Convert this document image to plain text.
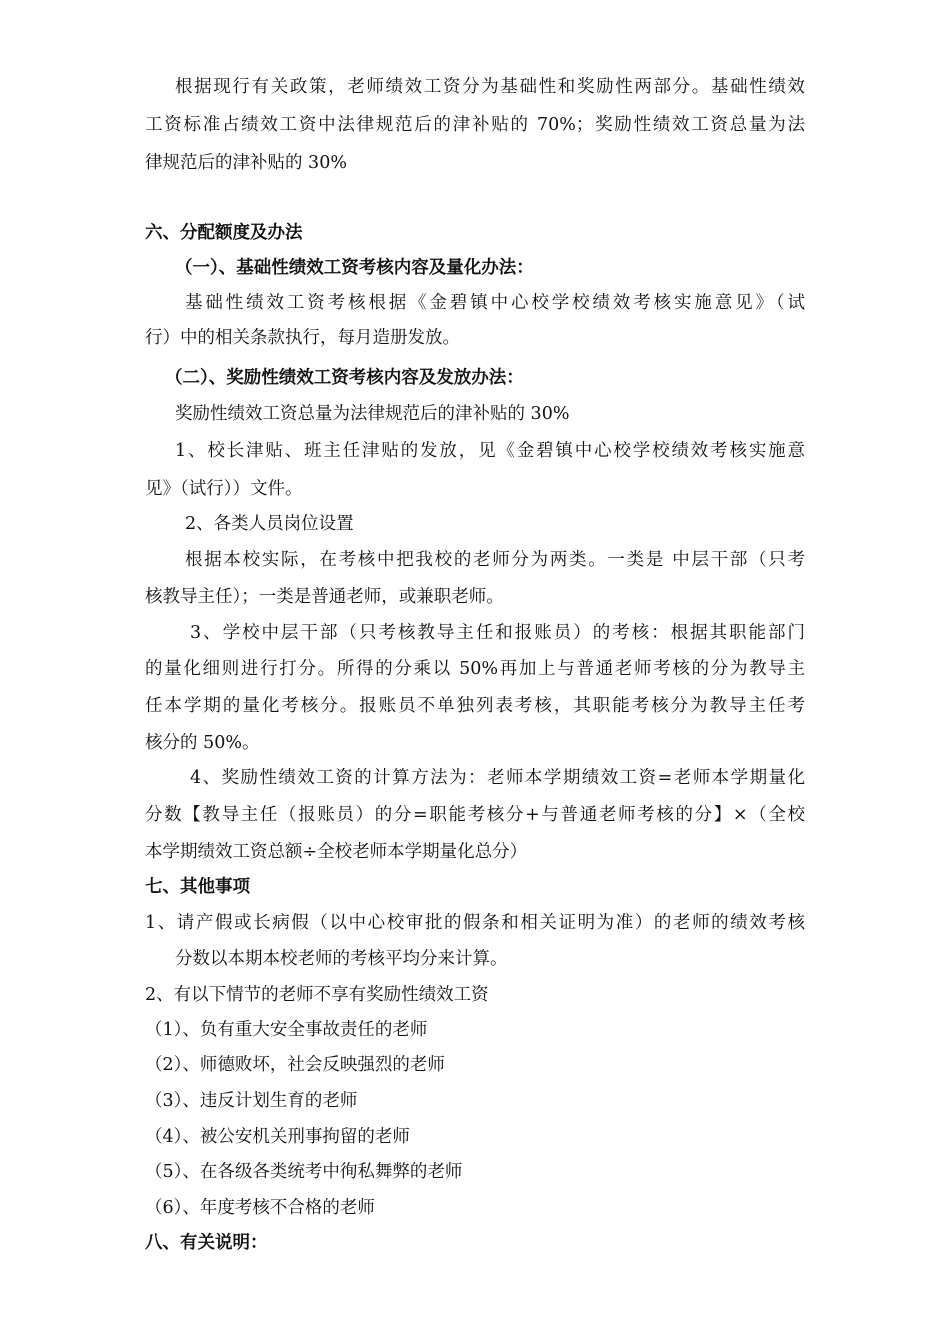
根据现行有关政策，老师绩效工资分为基础性和奖励性两部分。基础性绩效
工资标准占绩效工资中法律规范后的津补贴的 70%；奖励性绩效工资总量为法
律规范后的津补贴的 30%
六、分配额度及办法
（一）、基础性绩效工资考核内容及量化办法：
基础性绩效工资考核根据《金碧镇中心校学校绩效考核实施意见》（试
行）中的相关条款执行，每月造册发放。
（二）、奖励性绩效工资考核内容及发放办法：
奖励性绩效工资总量为法律规范后的津补贴的 30%
1、校长津贴、班主任津贴的发放，见《金碧镇中心校学校绩效考核实施意
见》（试行））文件。
2、各类人员岗位设置
根据本校实际，在考核中把我校的老师分为两类。一类是 中层干部（只考
核教导主任）；一类是普通老师，或兼职老师。
3、学校中层干部（只考核教导主任和报账员）的考核：根据其职能部门
的量化细则进行打分。所得的分乘以 50%再加上与普通老师考核的分为教导主
任本学期的量化考核分。报账员不单独列表考核，其职能考核分为教导主任考
核分的 50%。
4、奖励性绩效工资的计算方法为：老师本学期绩效工资=老师本学期量化
分数【教导主任（报账员）的分=职能考核分+与普通老师考核的分】×（全校
本学期绩效工资总额÷全校老师本学期量化总分）
七、其他事项
1、请产假或长病假（以中心校审批的假条和相关证明为准）的老师的绩效考核
分数以本期本校老师的考核平均分来计算。
2、有以下情节的老师不享有奖励性绩效工资
（1）、负有重大安全事故责任的老师
（2）、师德败坏，社会反映强烈的老师
（3）、违反计划生育的老师
（4）、被公安机关刑事拘留的老师
（5）、在各级各类统考中徇私舞弊的老师
（6）、年度考核不合格的老师
八、有关说明：
